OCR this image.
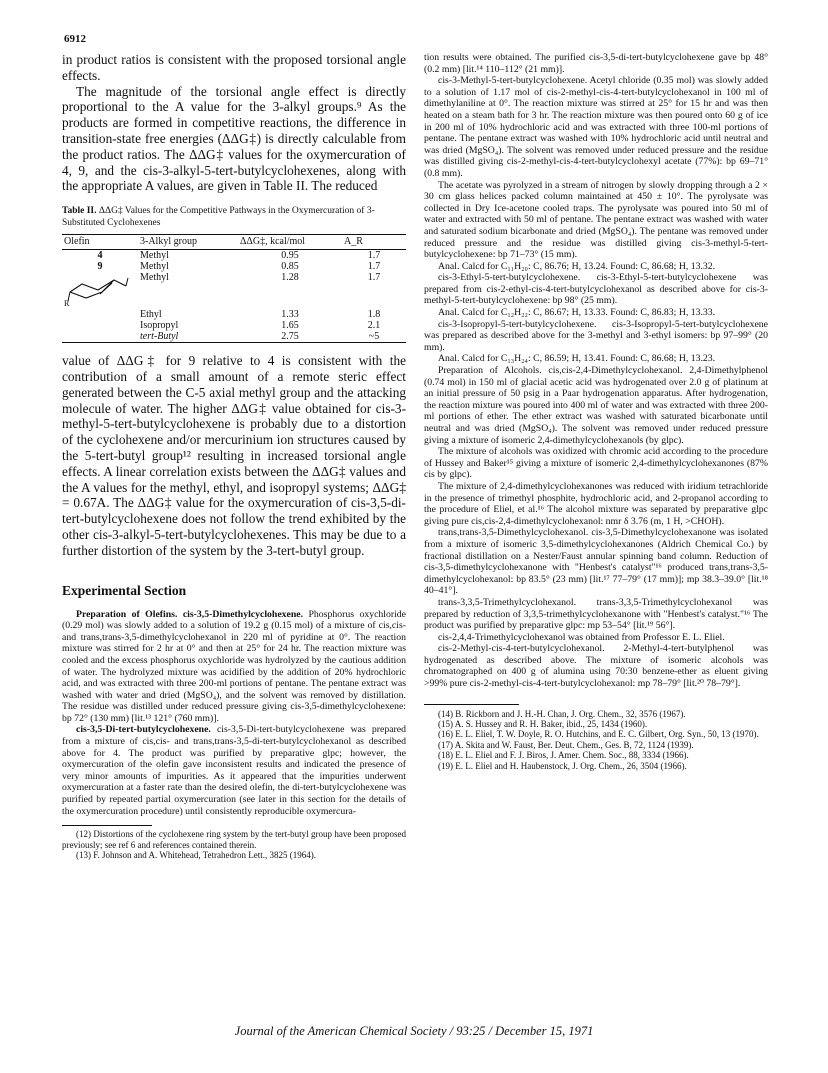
6912

in product ratios is consistent with the proposed torsional angle effects.

The magnitude of the torsional angle effect is directly proportional to the A value for the 3-alkyl groups.⁹ As the products are formed in competitive reactions, the difference in transition-state free energies (ΔΔG‡) is directly calculable from the product ratios. The ΔΔG‡ values for the oxymercuration of 4, 9, and the cis-3-alkyl-5-tert-butylcyclohexenes, along with the appropriate A values, are given in Table II. The reduced

Table II. ΔΔG‡ Values for the Competitive Pathways in the Oxymercuration of 3-Substituted Cyclohexenes
Olefin	3-Alkyl group	ΔΔG‡, kcal/mol	A_R
4	Methyl	0.95	1.7
9	Methyl	0.85	1.7

R	Methyl	1.28	1.7
	Ethyl	1.33	1.8
	Isopropyl	1.65	2.1
	tert-Butyl	2.75	~5

value of ΔΔG‡ for 9 relative to 4 is consistent with the contribution of a small amount of a remote steric effect generated between the C-5 axial methyl group and the attacking molecule of water. The higher ΔΔG‡ value obtained for cis-3-methyl-5-tert-butylcyclohexene is probably due to a distortion of the cyclohexene and/or mercurinium ion structures caused by the 5-tert-butyl group¹² resulting in increased torsional angle effects. A linear correlation exists between the ΔΔG‡ values and the A values for the methyl, ethyl, and isopropyl systems; ΔΔG‡ = 0.67A. The ΔΔG‡ value for the oxymercuration of cis-3,5-di-tert-butylcyclohexene does not follow the trend exhibited by the other cis-3-alkyl-5-tert-butylcyclohexenes. This may be due to a further distortion of the system by the 3-tert-butyl group.

Experimental Section

Preparation of Olefins. cis-3,5-Dimethylcyclohexene. Phosphorus oxychloride (0.29 mol) was slowly added to a solution of 19.2 g (0.15 mol) of a mixture of cis,cis- and trans,trans-3,5-dimethylcyclohexanol in 220 ml of pyridine at 0°. The reaction mixture was stirred for 2 hr at 0° and then at 25° for 24 hr. The reaction mixture was cooled and the excess phosphorus oxychloride was hydrolyzed by the cautious addition of water. The hydrolyzed mixture was acidified by the addition of 20% hydrochloric acid, and was extracted with three 200-ml portions of pentane. The pentane extract was washed with water and dried (MgSO₄), and the solvent was removed by distillation. The residue was distilled under reduced pressure giving cis-3,5-dimethylcyclohexene: bp 72° (130 mm) [lit.¹³ 121° (760 mm)].

cis-3,5-Di-tert-butylcyclohexene. cis-3,5-Di-tert-butylcyclohexene was prepared from a mixture of cis,cis- and trans,trans-3,5-di-tert-butylcyclohexanol as described above for 4. The product was purified by preparative glpc; however, the oxymercuration of the olefin gave inconsistent results and indicated the presence of very minor amounts of impurities. As it appeared that the impurities underwent oxymercuration at a faster rate than the desired olefin, the di-tert-butylcyclohexene was purified by repeated partial oxymercuration (see later in this section for the details of the oxymercuration procedure) until consistently reproducible oxymercura-

(12) Distortions of the cyclohexene ring system by the tert-butyl group have been proposed previously; see ref 6 and references contained therein.

(13) F. Johnson and A. Whitehead, Tetrahedron Lett., 3825 (1964).

tion results were obtained. The purified cis-3,5-di-tert-butylcyclohexene gave bp 48° (0.2 mm) [lit.¹⁴ 110–112° (21 mm)].

cis-3-Methyl-5-tert-butylcyclohexene. Acetyl chloride (0.35 mol) was slowly added to a solution of 1.17 mol of cis-2-methyl-cis-4-tert-butylcyclohexanol in 100 ml of dimethylaniline at 0°. The reaction mixture was stirred at 25° for 15 hr and was then heated on a steam bath for 3 hr. The reaction mixture was then poured onto 60 g of ice in 200 ml of 10% hydrochloric acid and was extracted with three 100-ml portions of pentane. The pentane extract was washed with 10% hydrochloric acid until neutral and was dried (MgSO₄). The solvent was removed under reduced pressure and the residue was distilled giving cis-2-methyl-cis-4-tert-butylcyclohexyl acetate (77%): bp 69–71° (0.8 mm).

The acetate was pyrolyzed in a stream of nitrogen by slowly dropping through a 2 × 30 cm glass helices packed column maintained at 450 ± 10°. The pyrolysate was collected in Dry Ice-acetone cooled traps. The pyrolysate was poured into 50 ml of water and extracted with 50 ml of pentane. The pentane extract was washed with water and saturated sodium bicarbonate and dried (MgSO₄). The pentane was removed under reduced pressure and the residue was distilled giving cis-3-methyl-5-tert-butylcyclohexene: bp 71–73° (15 mm).

Anal. Calcd for C₁₁H₂₀: C, 86.76; H, 13.24. Found: C, 86.68; H, 13.32.

cis-3-Ethyl-5-tert-butylcyclohexene. cis-3-Ethyl-5-tert-butylcyclohexene was prepared from cis-2-ethyl-cis-4-tert-butylcyclohexanol as described above for cis-3-methyl-5-tert-butylcyclohexene: bp 98° (25 mm).

Anal. Calcd for C₁₂H₂₂: C, 86.67; H, 13.33. Found: C, 86.83; H, 13.33.

cis-3-Isopropyl-5-tert-butylcyclohexene. cis-3-Isopropyl-5-tert-butylcyclohexene was prepared as described above for the 3-methyl and 3-ethyl isomers: bp 97–99° (20 mm).

Anal. Calcd for C₁₃H₂₄: C, 86.59; H, 13.41. Found: C, 86.68; H, 13.23.

Preparation of Alcohols. cis,cis-2,4-Dimethylcyclohexanol. 2,4-Dimethylphenol (0.74 mol) in 150 ml of glacial acetic acid was hydrogenated over 2.0 g of platinum at an initial pressure of 50 psig in a Paar hydrogenation apparatus. After hydrogenation, the reaction mixture was poured into 400 ml of water and was extracted with three 200-ml portions of ether. The ether extract was washed with saturated bicarbonate until neutral and was dried (MgSO₄). The solvent was removed under reduced pressure giving a mixture of isomeric 2,4-dimethylcyclohexanols (by glpc).

The mixture of alcohols was oxidized with chromic acid according to the procedure of Hussey and Baker¹⁵ giving a mixture of isomeric 2,4-dimethylcyclohexanones (87% cis by glpc).

The mixture of 2,4-dimethylcyclohexanones was reduced with iridium tetrachloride in the presence of trimethyl phosphite, hydrochloric acid, and 2-propanol according to the procedure of Eliel, et al.¹⁶ The alcohol mixture was separated by preparative glpc giving pure cis,cis-2,4-dimethylcyclohexanol: nmr δ 3.76 (m, 1 H, >CHOH).

trans,trans-3,5-Dimethylcyclohexanol. cis-3,5-Dimethylcyclohexanone was isolated from a mixture of isomeric 3,5-dimethylcyclohexanones (Aldrich Chemical Co.) by fractional distillation on a Nester/Faust annular spinning band column. Reduction of cis-3,5-dimethylcyclohexanone with "Henbest's catalyst"¹⁶ produced trans,trans-3,5-dimethylcyclohexanol: bp 83.5° (23 mm) [lit.¹⁷ 77–79° (17 mm)]; mp 38.3–39.0° [lit.¹⁸ 40–41°].

trans-3,3,5-Trimethylcyclohexanol. trans-3,3,5-Trimethylcyclohexanol was prepared by reduction of 3,3,5-trimethylcyclohexanone with "Henbest's catalyst."¹⁶ The product was purified by preparative glpc: mp 53–54° [lit.¹⁹ 56°].

cis-2,4,4-Trimethylcyclohexanol was obtained from Professor E. L. Eliel.

cis-2-Methyl-cis-4-tert-butylcyclohexanol. 2-Methyl-4-tert-butylphenol was hydrogenated as described above. The mixture of isomeric alcohols was chromatographed on 400 g of alumina using 70:30 benzene-ether as eluent giving >99% pure cis-2-methyl-cis-4-tert-butylcyclohexanol: mp 78–79° [lit.²⁰ 78–79°].

(14) B. Rickborn and J. H.-H. Chan, J. Org. Chem., 32, 3576 (1967).

(15) A. S. Hussey and R. H. Baker, ibid., 25, 1434 (1960).

(16) E. L. Eliel, T. W. Doyle, R. O. Hutchins, and E. C. Gilbert, Org. Syn., 50, 13 (1970).

(17) A. Skita and W. Faust, Ber. Deut. Chem., Ges. B, 72, 1124 (1939).

(18) E. L. Eliel and F. J. Biros, J. Amer. Chem. Soc., 88, 3334 (1966).

(19) E. L. Eliel and H. Haubenstock, J. Org. Chem., 26, 3504 (1966).

Journal of the American Chemical Society / 93:25 / December 15, 1971
